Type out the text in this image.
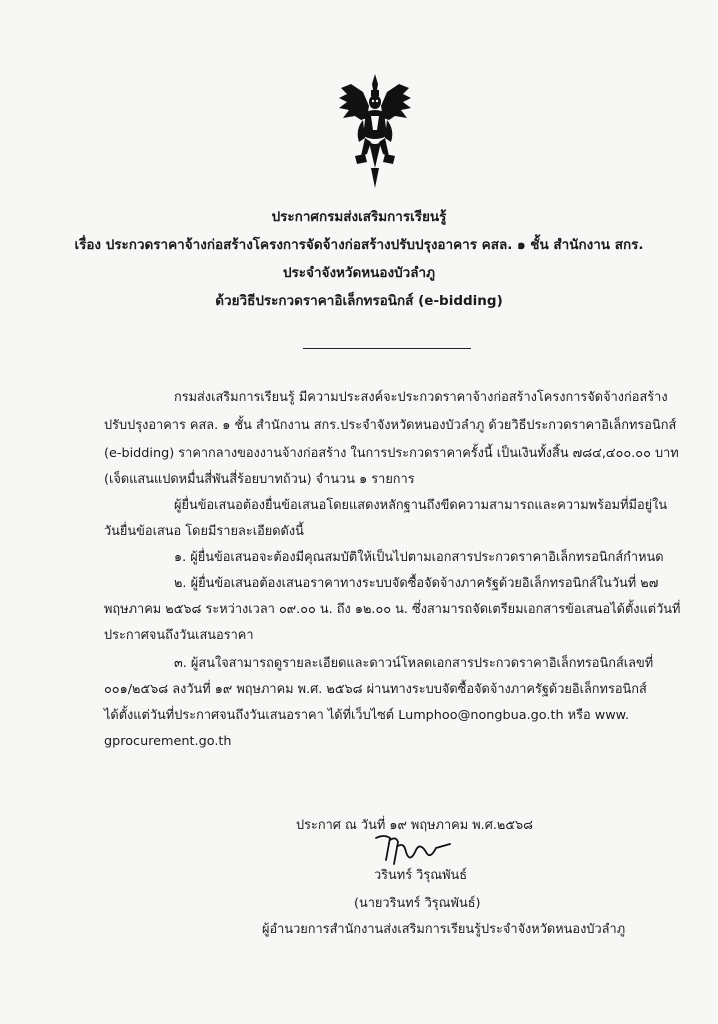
ประกาศกรมส่งเสริมการเรียนรู้
เรื่อง ประกวดราคาจ้างก่อสร้างโครงการจัดจ้างก่อสร้างปรับปรุงอาคาร คสล. ๑ ชั้น สำนักงาน สกร.
ประจำจังหวัดหนองบัวลำภู
ด้วยวิธีประกวดราคาอิเล็กทรอนิกส์ (e-bidding)
กรมส่งเสริมการเรียนรู้ มีความประสงค์จะประกวดราคาจ้างก่อสร้างโครงการจัดจ้างก่อสร้าง
ปรับปรุงอาคาร คสล. ๑ ชั้น สำนักงาน สกร.ประจำจังหวัดหนองบัวลำภู ด้วยวิธีประกวดราคาอิเล็กทรอนิกส์
(e-bidding) ราคากลางของงานจ้างก่อสร้าง ในการประกวดราคาครั้งนี้ เป็นเงินทั้งสิ้น ๗๘๔,๔๐๐.๐๐ บาท
(เจ็ดแสนแปดหมื่นสี่พันสี่ร้อยบาทถ้วน) จำนวน ๑ รายการ
ผู้ยื่นข้อเสนอต้องยื่นข้อเสนอโดยแสดงหลักฐานถึงขีดความสามารถและความพร้อมที่มีอยู่ใน
วันยื่นข้อเสนอ โดยมีรายละเอียดดังนี้
๑. ผู้ยื่นข้อเสนอจะต้องมีคุณสมบัติให้เป็นไปตามเอกสารประกวดราคาอิเล็กทรอนิกส์กำหนด
๒. ผู้ยื่นข้อเสนอต้องเสนอราคาทางระบบจัดซื้อจัดจ้างภาครัฐด้วยอิเล็กทรอนิกส์ในวันที่ ๒๗
พฤษภาคม ๒๕๖๘ ระหว่างเวลา ๐๙.๐๐ น. ถึง ๑๒.๐๐ น. ซึ่งสามารถจัดเตรียมเอกสารข้อเสนอได้ตั้งแต่วันที่
ประกาศจนถึงวันเสนอราคา
๓. ผู้สนใจสามารถดูรายละเอียดและดาวน์โหลดเอกสารประกวดราคาอิเล็กทรอนิกส์เลขที่
๐๐๑/๒๕๖๘ ลงวันที่ ๑๙ พฤษภาคม พ.ศ. ๒๕๖๘ ผ่านทางระบบจัดซื้อจัดจ้างภาครัฐด้วยอิเล็กทรอนิกส์
ได้ตั้งแต่วันที่ประกาศจนถึงวันเสนอราคา ได้ที่เว็บไซต์ Lumphoo@nongbua.go.th หรือ www.
gprocurement.go.th
ประกาศ ณ วันที่ ๑๙ พฤษภาคม พ.ศ.๒๕๖๘
วรินทร์ วิรุณพันธ์
(นายวรินทร์ วิรุณพันธ์)
ผู้อำนวยการสำนักงานส่งเสริมการเรียนรู้ประจำจังหวัดหนองบัวลำภู
